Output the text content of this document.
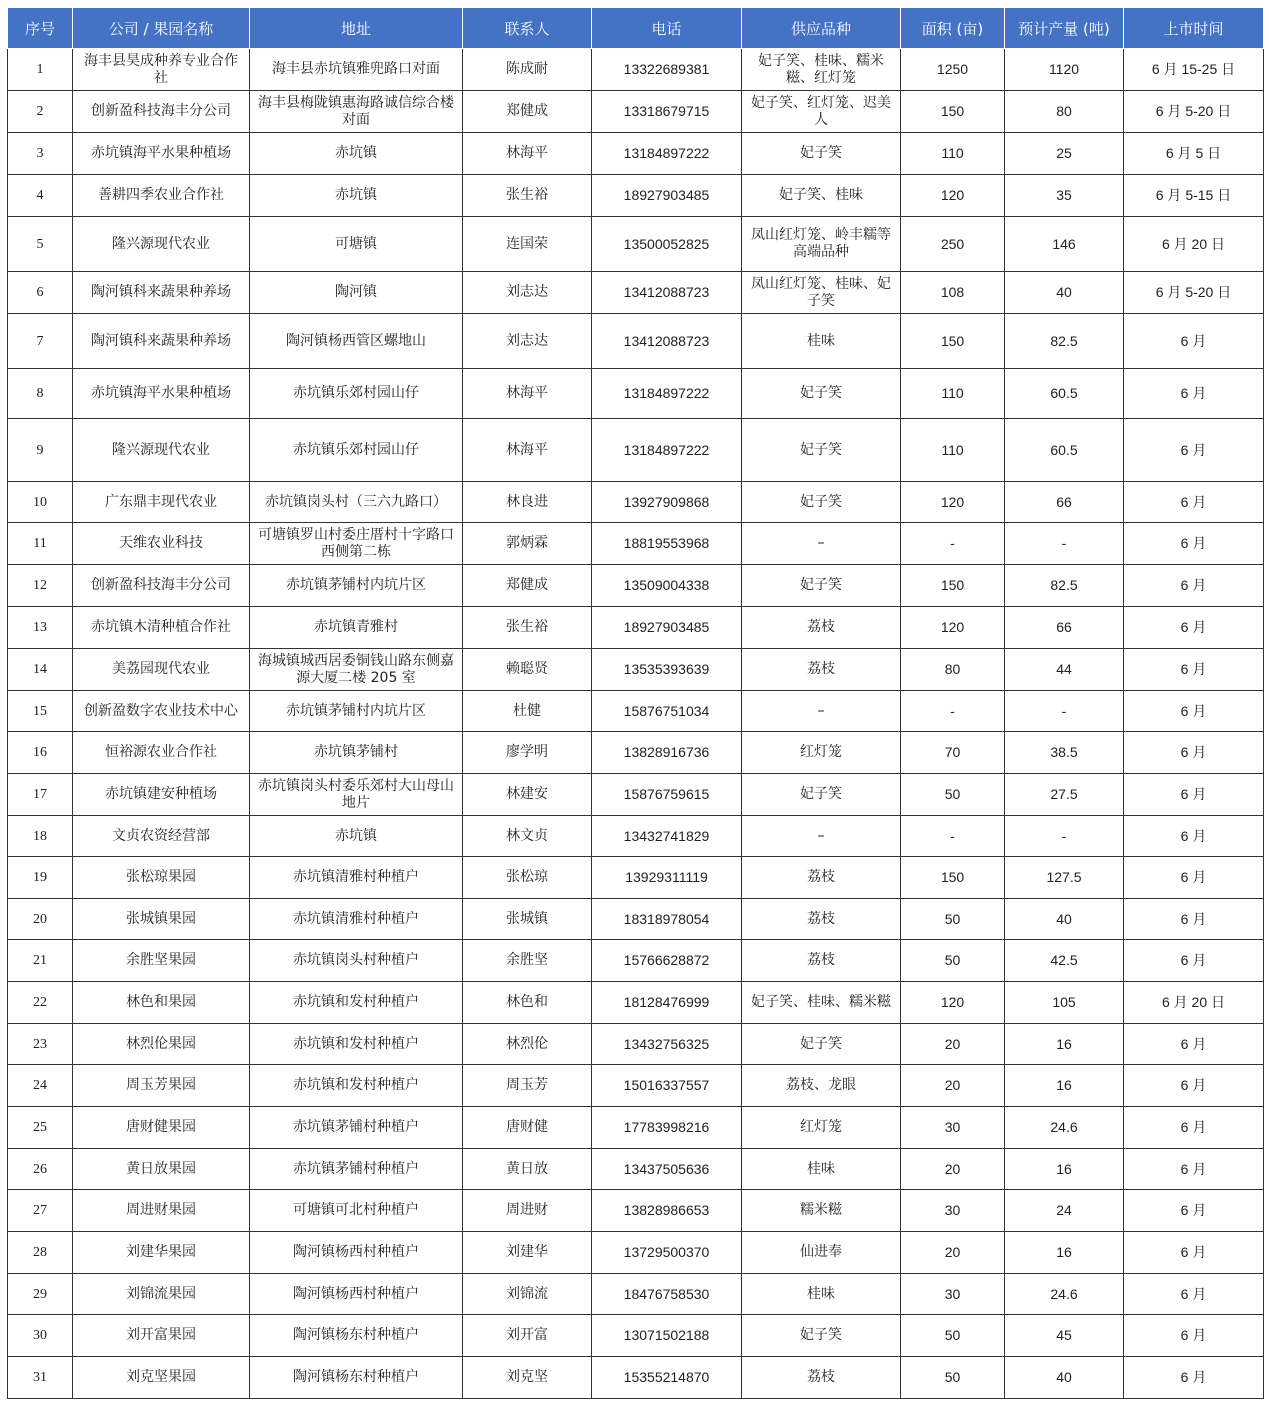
序号	公司 / 果园名称	地址	联系人	电话	供应品种	面积 (亩)	预计产量 (吨)	上市时间
1	海丰县昊成种养专业合作社	海丰县赤坑镇雅兜路口对面	陈成耐	13322689381	妃子笑、桂味、糯米糍、红灯笼	1250	1120	6 月 15-25 日
2	创新盈科技海丰分公司	海丰县梅陇镇惠海路诚信综合楼对面	郑健成	13318679715	妃子笑、红灯笼、迟美人	150	80	6 月 5-20 日
3	赤坑镇海平水果种植场	赤坑镇	林海平	13184897222	妃子笑	110	25	6 月 5 日
4	善耕四季农业合作社	赤坑镇	张生裕	18927903485	妃子笑、桂味	120	35	6 月 5-15 日
5	隆兴源现代农业	可塘镇	连国荣	13500052825	凤山红灯笼、岭丰糯等高端品种	250	146	6 月 20 日
6	陶河镇科来蔬果种养场	陶河镇	刘志达	13412088723	凤山红灯笼、桂味、妃子笑	108	40	6 月 5-20 日
7	陶河镇科来蔬果种养场	陶河镇杨西管区螺地山	刘志达	13412088723	桂味	150	82.5	6 月
8	赤坑镇海平水果种植场	赤坑镇乐郊村园山仔	林海平	13184897222	妃子笑	110	60.5	6 月
9	隆兴源现代农业	赤坑镇乐郊村园山仔	林海平	13184897222	妃子笑	110	60.5	6 月
10	广东鼎丰现代农业	赤坑镇岗头村（三六九路口）	林良进	13927909868	妃子笑	120	66	6 月
11	天维农业科技	可塘镇罗山村委庄厝村十字路口西侧第二栋	郭炳霖	18819553968	–	-	-	6 月
12	创新盈科技海丰分公司	赤坑镇茅铺村内坑片区	郑健成	13509004338	妃子笑	150	82.5	6 月
13	赤坑镇木清种植合作社	赤坑镇青雅村	张生裕	18927903485	荔枝	120	66	6 月
14	美荔园现代农业	海城镇城西居委铜钱山路东侧嘉源大厦二楼 205 室	赖聪贤	13535393639	荔枝	80	44	6 月
15	创新盈数字农业技术中心	赤坑镇茅铺村内坑片区	杜健	15876751034	–	-	-	6 月
16	恒裕源农业合作社	赤坑镇茅铺村	廖学明	13828916736	红灯笼	70	38.5	6 月
17	赤坑镇建安种植场	赤坑镇岗头村委乐郊村大山母山地片	林建安	15876759615	妃子笑	50	27.5	6 月
18	文贞农资经营部	赤坑镇	林文贞	13432741829	–	-	-	6 月
19	张松琼果园	赤坑镇清雅村种植户	张松琼	13929311119	荔枝	150	127.5	6 月
20	张城镇果园	赤坑镇清雅村种植户	张城镇	18318978054	荔枝	50	40	6 月
21	余胜坚果园	赤坑镇岗头村种植户	余胜坚	15766628872	荔枝	50	42.5	6 月
22	林色和果园	赤坑镇和发村种植户	林色和	18128476999	妃子笑、桂味、糯米糍	120	105	6 月 20 日
23	林烈伦果园	赤坑镇和发村种植户	林烈伦	13432756325	妃子笑	20	16	6 月
24	周玉芳果园	赤坑镇和发村种植户	周玉芳	15016337557	荔枝、龙眼	20	16	6 月
25	唐财健果园	赤坑镇茅铺村种植户	唐财健	17783998216	红灯笼	30	24.6	6 月
26	黄日放果园	赤坑镇茅铺村种植户	黄日放	13437505636	桂味	20	16	6 月
27	周进财果园	可塘镇可北村种植户	周进财	13828986653	糯米糍	30	24	6 月
28	刘建华果园	陶河镇杨西村种植户	刘建华	13729500370	仙进奉	20	16	6 月
29	刘锦流果园	陶河镇杨西村种植户	刘锦流	18476758530	桂味	30	24.6	6 月
30	刘开富果园	陶河镇杨东村种植户	刘开富	13071502188	妃子笑	50	45	6 月
31	刘克坚果园	陶河镇杨东村种植户	刘克坚	15355214870	荔枝	50	40	6 月
